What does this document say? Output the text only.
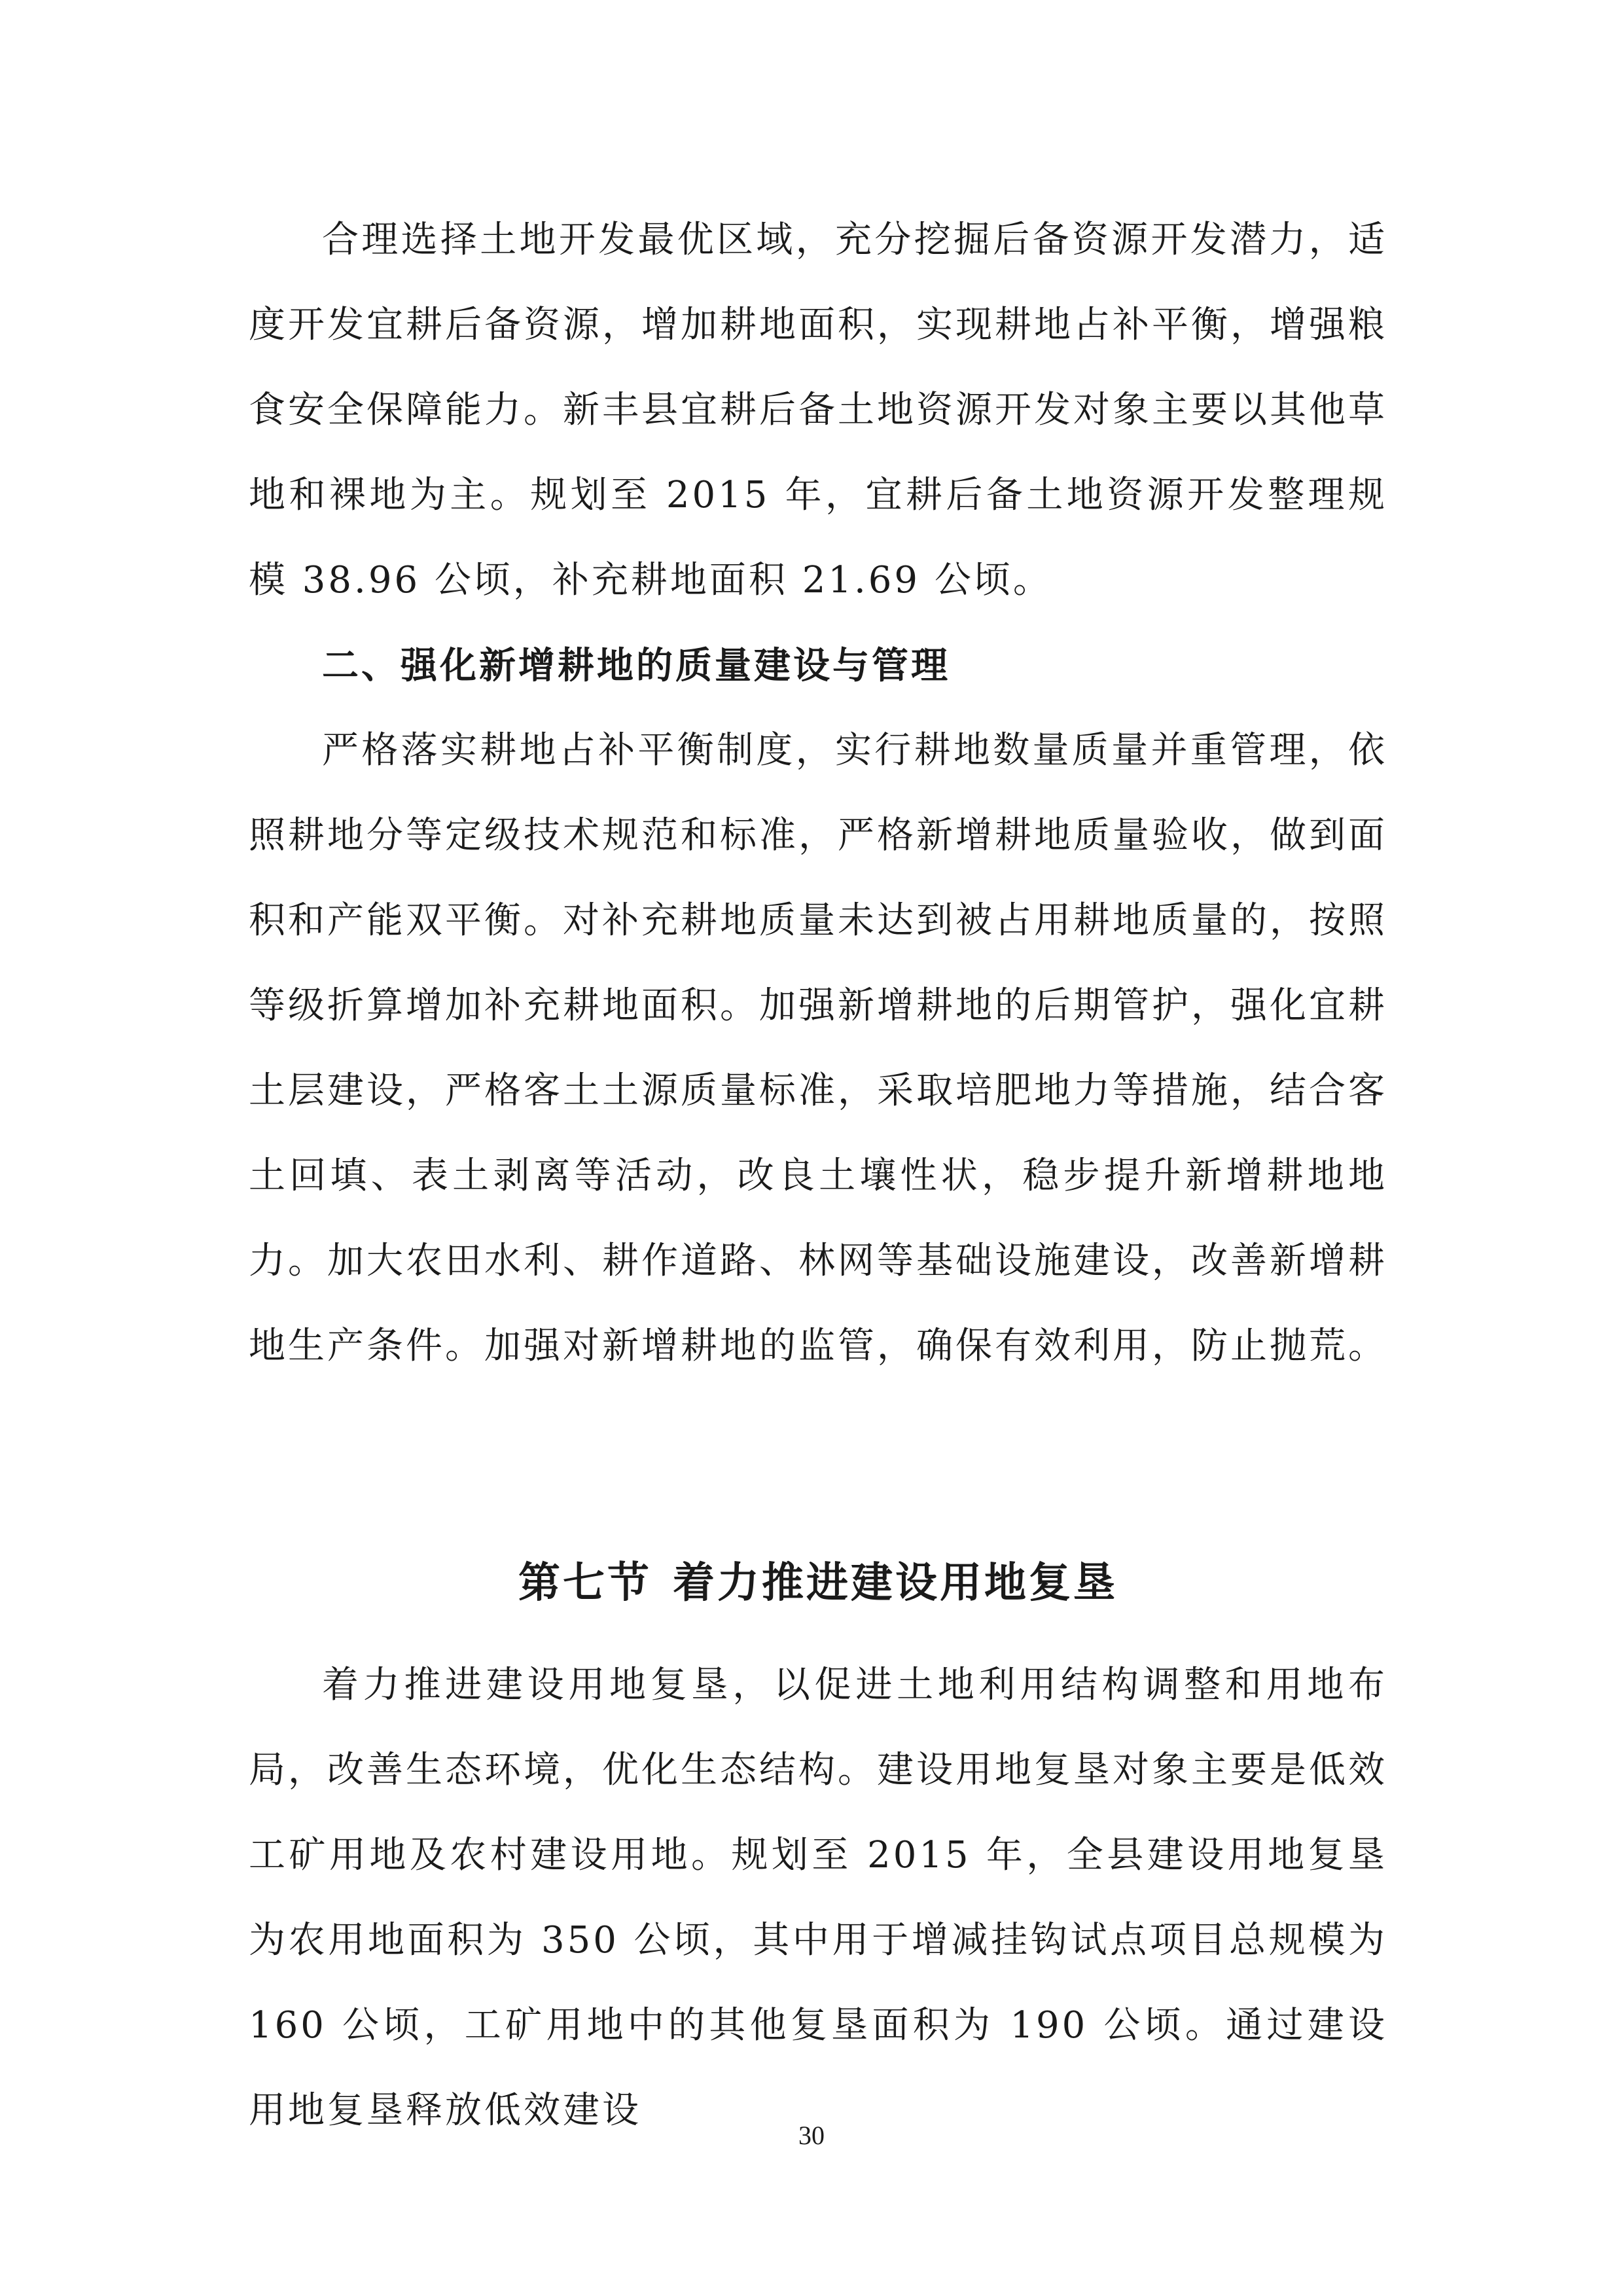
合理选择土地开发最优区域，充分挖掘后备资源开发潜力，适度开发宜耕后备资源，增加耕地面积，实现耕地占补平衡，增强粮食安全保障能力。新丰县宜耕后备土地资源开发对象主要以其他草地和裸地为主。规划至 2015 年，宜耕后备土地资源开发整理规模 38.96 公顷，补充耕地面积 21.69 公顷。

二、强化新增耕地的质量建设与管理

严格落实耕地占补平衡制度，实行耕地数量质量并重管理，依照耕地分等定级技术规范和标准，严格新增耕地质量验收，做到面积和产能双平衡。对补充耕地质量未达到被占用耕地质量的，按照等级折算增加补充耕地面积。加强新增耕地的后期管护，强化宜耕土层建设，严格客土土源质量标准，采取培肥地力等措施，结合客土回填、表土剥离等活动，改良土壤性状，稳步提升新增耕地地力。加大农田水利、耕作道路、林网等基础设施建设，改善新增耕地生产条件。加强对新增耕地的监管，确保有效利用，防止抛荒。

第七节 着力推进建设用地复垦

着力推进建设用地复垦，以促进土地利用结构调整和用地布局，改善生态环境，优化生态结构。建设用地复垦对象主要是低效工矿用地及农村建设用地。规划至 2015 年，全县建设用地复垦为农用地面积为 350 公顷，其中用于增减挂钩试点项目总规模为 160 公顷，工矿用地中的其他复垦面积为 190 公顷。通过建设用地复垦释放低效建设

30
